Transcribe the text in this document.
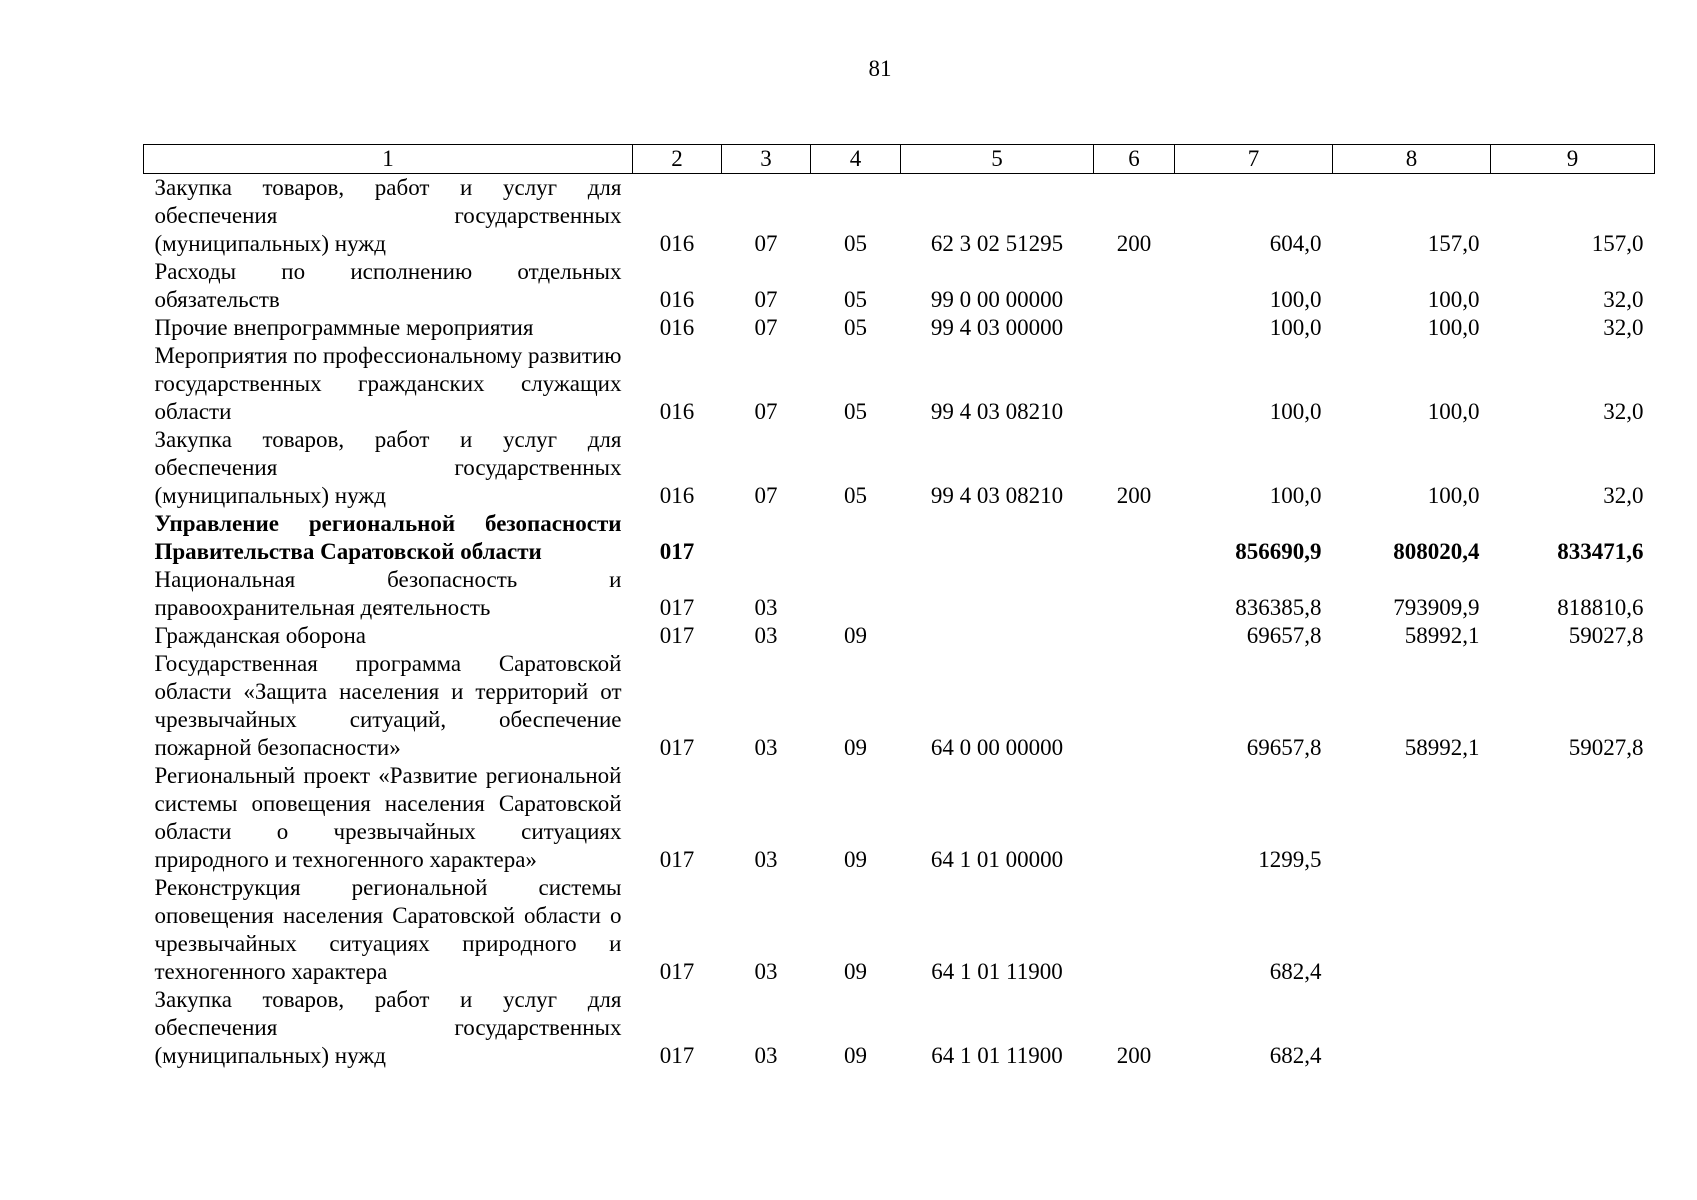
81
1	2	3	4	5	6	7	8	9
Закупка товаров, работ и услуг для обеспечения государственных (муниципальных) нужд	016	07	05	62 3 02 51295	200	604,0	157,0	157,0
Расходы по исполнению отдельных обязательств	016	07	05	99 0 00 00000		100,0	100,0	32,0
Прочие внепрограммные мероприятия	016	07	05	99 4 03 00000		100,0	100,0	32,0
Мероприятия по профессиональному развитию государственных гражданских служащих области	016	07	05	99 4 03 08210		100,0	100,0	32,0
Закупка товаров, работ и услуг для обеспечения государственных (муниципальных) нужд	016	07	05	99 4 03 08210	200	100,0	100,0	32,0
Управление региональной безопасности Правительства Саратовской области	017					856690,9	808020,4	833471,6
Национальная безопасность и правоохранительная деятельность	017	03				836385,8	793909,9	818810,6
Гражданская оборона	017	03	09			69657,8	58992,1	59027,8
Государственная программа Саратовской области «Защита населения и территорий от чрезвычайных ситуаций, обеспечение пожарной безопасности»	017	03	09	64 0 00 00000		69657,8	58992,1	59027,8
Региональный проект «Развитие региональной системы оповещения населения Саратовской области о чрезвычайных ситуациях природного и техногенного характера»	017	03	09	64 1 01 00000		1299,5		
Реконструкция региональной системы оповещения населения Саратовской области о чрезвычайных ситуациях природного и техногенного характера	017	03	09	64 1 01 11900		682,4		
Закупка товаров, работ и услуг для обеспечения государственных (муниципальных) нужд	017	03	09	64 1 01 11900	200	682,4		
